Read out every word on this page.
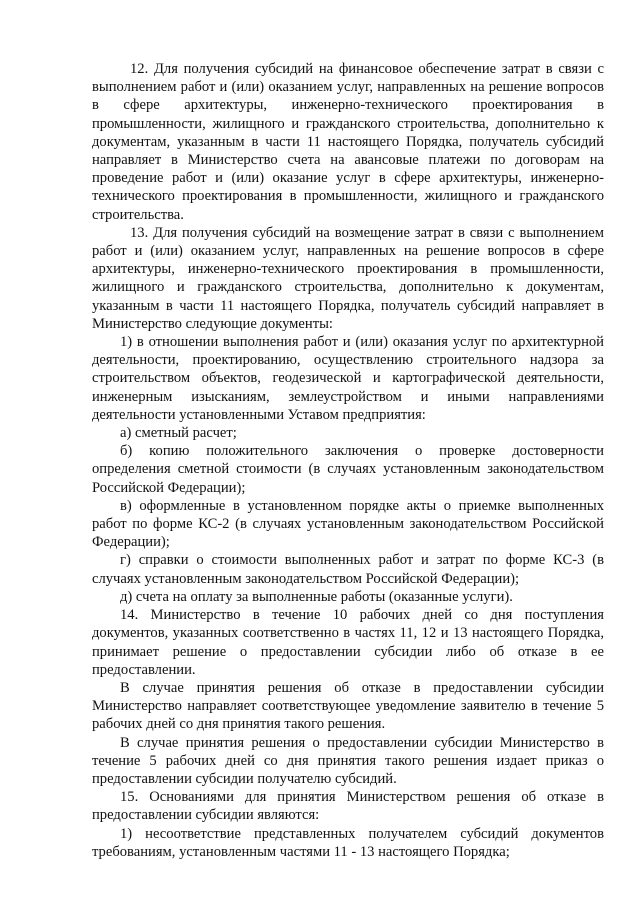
12. Для получения субсидий на финансовое обеспечение затрат в связи с выполнением работ и (или) оказанием услуг, направленных на решение вопросов в сфере архитектуры, инженерно-технического проектирования в промышленности, жилищного и гражданского строительства, дополнительно к документам, указанным в части 11 настоящего Порядка, получатель субсидий направляет в Министерство счета на авансовые платежи по договорам на проведение работ и (или) оказание услуг в сфере архитектуры, инженерно-технического проектирования в промышленности, жилищного и гражданского строительства.

13. Для получения субсидий на возмещение затрат в связи с выполнением работ и (или) оказанием услуг, направленных на решение вопросов в сфере архитектуры, инженерно-технического проектирования в промышленности, жилищного и гражданского строительства, дополнительно к документам, указанным в части 11 настоящего Порядка, получатель субсидий направляет в Министерство следующие документы:

1) в отношении выполнения работ и (или) оказания услуг по архитектурной деятельности, проектированию, осуществлению строительного надзора за строительством объектов, геодезической и картографической деятельности, инженерным изысканиям, землеустройством и иными направлениями деятельности установленными Уставом предприятия:

а) сметный расчет;

б) копию положительного заключения о проверке достоверности определения сметной стоимости (в случаях установленным законодательством Российской Федерации);

в) оформленные в установленном порядке акты о приемке выполненных работ по форме КС-2 (в случаях установленным законодательством Российской Федерации);

г) справки о стоимости выполненных работ и затрат по форме КС-3 (в случаях установленным законодательством Российской Федерации);

д) счета на оплату за выполненные работы (оказанные услуги).

14. Министерство в течение 10 рабочих дней со дня поступления документов, указанных соответственно в частях 11, 12 и 13 настоящего Порядка, принимает решение о предоставлении субсидии либо об отказе в ее предоставлении.

В случае принятия решения об отказе в предоставлении субсидии Министерство направляет соответствующее уведомление заявителю в течение 5 рабочих дней со дня принятия такого решения.

В случае принятия решения о предоставлении субсидии Министерство в течение 5 рабочих дней со дня принятия такого решения издает приказ о предоставлении субсидии получателю субсидий.

15. Основаниями для принятия Министерством решения об отказе в предоставлении субсидии являются:

1) несоответствие представленных получателем субсидий документов требованиям, установленным частями 11 - 13 настоящего Порядка;
